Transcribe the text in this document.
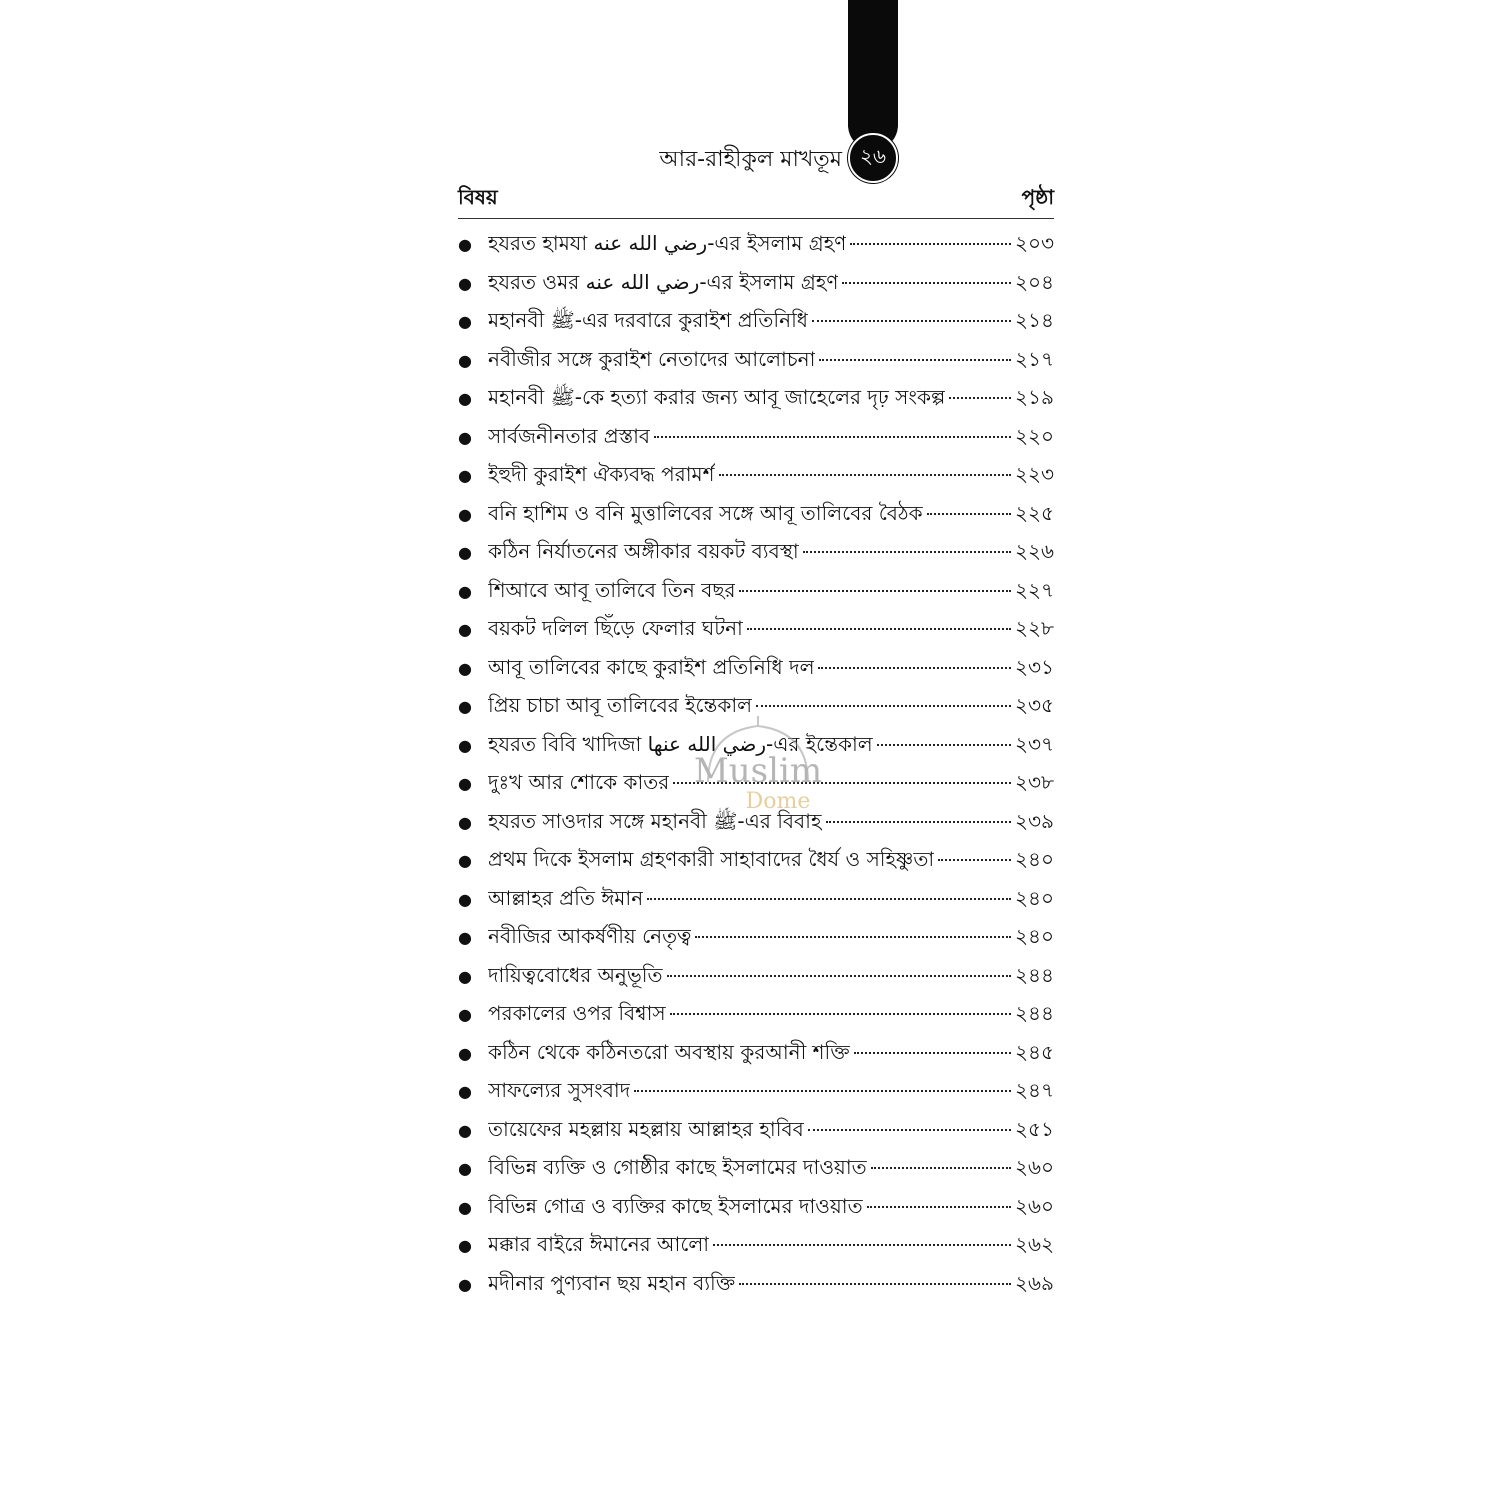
২৬
আর-রাহীকুল মাখতূম
বিষয়	পৃষ্ঠা
● হযরত হামযা رضي الله عنه-এর ইসলাম গ্রহণ	২০৩
● হযরত ওমর رضي الله عنه-এর ইসলাম গ্রহণ	২০৪
● মহানবী ﷺ-এর দরবারে কুরাইশ প্রতিনিধি	২১৪
● নবীজীর সঙ্গে কুরাইশ নেতাদের আলোচনা	২১৭
● মহানবী ﷺ-কে হত্যা করার জন্য আবূ জাহেলের দৃঢ় সংকল্প	২১৯
● সার্বজনীনতার প্রস্তাব	২২০
● ইহুদী কুরাইশ ঐক্যবদ্ধ পরামর্শ	২২৩
● বনি হাশিম ও বনি মুত্তালিবের সঙ্গে আবূ তালিবের বৈঠক	২২৫
● কঠিন নির্যাতনের অঙ্গীকার বয়কট ব্যবস্থা	২২৬
● শিআবে আবূ তালিবে তিন বছর	২২৭
● বয়কট দলিল ছিঁড়ে ফেলার ঘটনা	২২৮
● আবূ তালিবের কাছে কুরাইশ প্রতিনিধি দল	২৩১
● প্রিয় চাচা আবূ তালিবের ইন্তেকাল	২৩৫
● হযরত বিবি খাদিজা رضي الله عنها-এর ইন্তেকাল	২৩৭
● দুঃখ আর শোকে কাতর	২৩৮
● হযরত সাওদার সঙ্গে মহানবী ﷺ-এর বিবাহ	২৩৯
● প্রথম দিকে ইসলাম গ্রহণকারী সাহাবাদের ধৈর্য ও সহিষ্ণুতা	২৪০
● আল্লাহর প্রতি ঈমান	২৪০
● নবীজির আকর্ষণীয় নেতৃত্ব	২৪০
● দায়িত্ববোধের অনুভূতি	২৪৪
● পরকালের ওপর বিশ্বাস	২৪৪
● কঠিন থেকে কঠিনতরো অবস্থায় কুরআনী শক্তি	২৪৫
● সাফল্যের সুসংবাদ	২৪৭
● তায়েফের মহল্লায় মহল্লায় আল্লাহর হাবিব	২৫১
● বিভিন্ন ব্যক্তি ও গোষ্ঠীর কাছে ইসলামের দাওয়াত	২৬০
● বিভিন্ন গোত্র ও ব্যক্তির কাছে ইসলামের দাওয়াত	২৬০
● মক্কার বাইরে ঈমানের আলো	২৬২
● মদীনার পুণ্যবান ছয় মহান ব্যক্তি	২৬৯
Muslim
Dome
